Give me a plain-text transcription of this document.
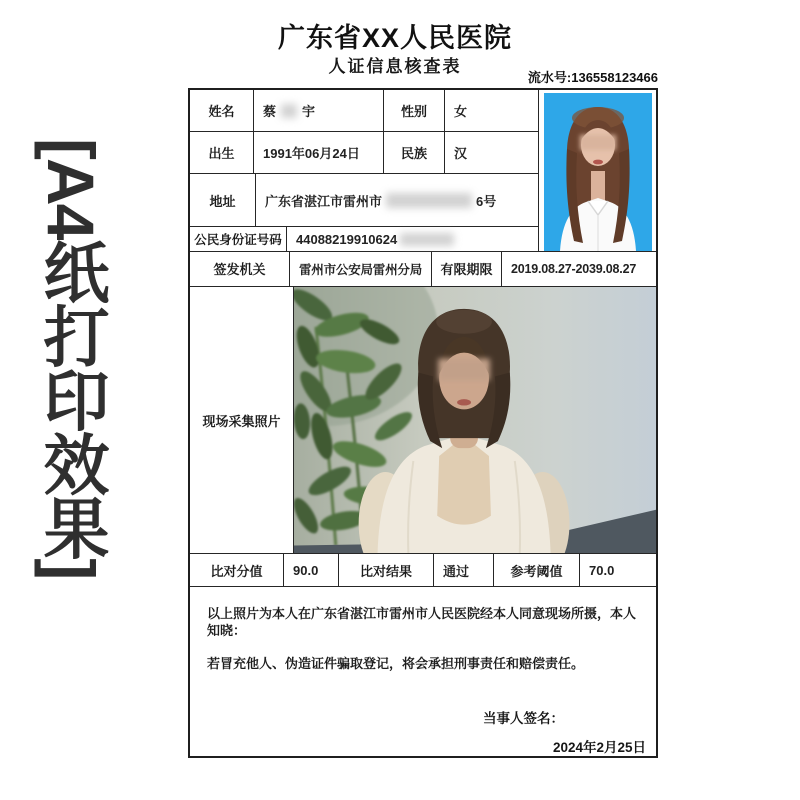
[A4纸打印效果]
广东省XX人民医院
人证信息核查表
流水号:136558123466
姓名	蔡 宇	性别	女
出生	1991年06月24日	民族	汉
地址	广东省湛江市雷州市	6号
公民身份证号码	44088219910624
签发机关	雷州市公安局雷州分局	有限期限	2019.08.27-2039.08.27
现场采集照片
比对分值	90.0	比对结果	通过	参考阈值	70.0

以上照片为本人在广东省湛江市雷州市人民医院经本人同意现场所摄，本人知晓：

若冒充他人、伪造证件骗取登记，将会承担刑事责任和赔偿责任。

当事人签名：
2024年2月25日
